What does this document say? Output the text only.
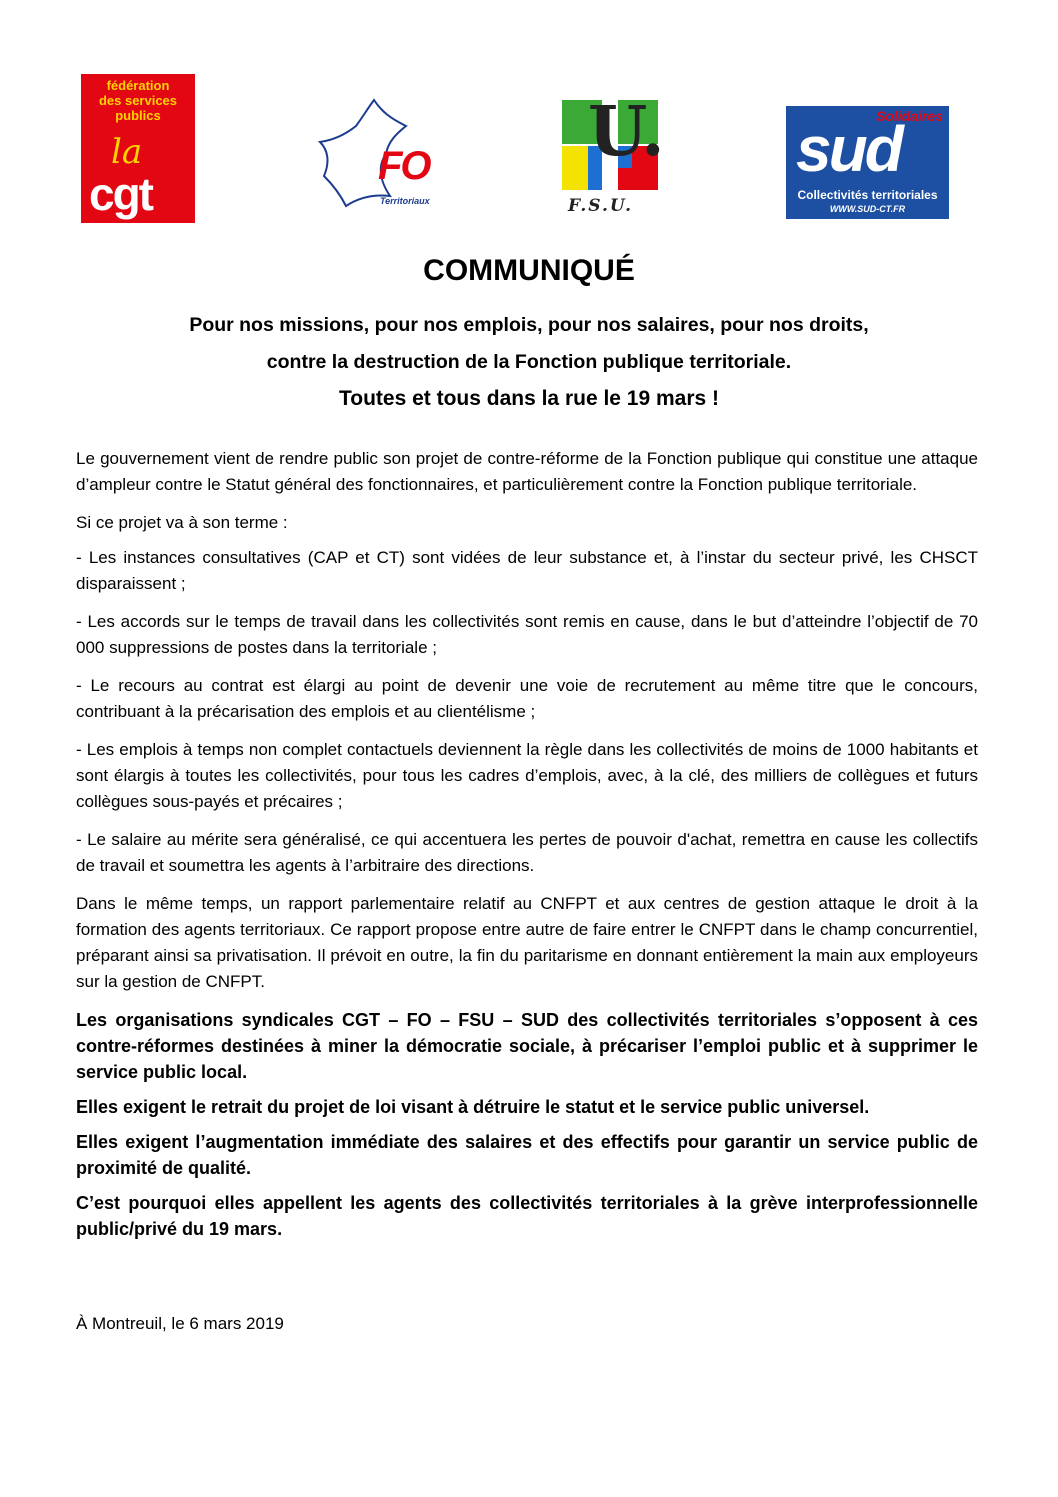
fédération
des services
publics
la
cgt
FO
Territoriaux
U.
F.S.U.
sud
Solidaires
Collectivités territoriales
WWW.SUD-CT.FR
COMMUNIQUÉ
Pour nos missions, pour nos emplois, pour nos salaires, pour nos droits,
contre la destruction de la Fonction publique territoriale.
Toutes et tous dans la rue le 19 mars !

Le gouvernement vient de rendre public son projet de contre-réforme de la Fonction publique qui constitue une attaque d’ampleur contre le Statut général des fonctionnaires, et particulièrement contre la Fonction publique territoriale.

Si ce projet va à son terme :

- Les instances consultatives (CAP et CT) sont vidées de leur substance et, à l’instar du secteur privé, les CHSCT disparaissent ;

- Les accords sur le temps de travail dans les collectivités sont remis en cause, dans le but d’atteindre l’objectif de 70 000 suppressions de postes dans la territoriale ;

- Le recours au contrat est élargi au point de devenir une voie de recrutement au même titre que le concours, contribuant à la précarisation des emplois et au clientélisme ;

- Les emplois à temps non complet contactuels deviennent la règle dans les collectivités de moins de 1000 habitants et sont élargis à toutes les collectivités, pour tous les cadres d’emplois, avec, à la clé, des milliers de collègues et futurs collègues sous-payés et précaires ;

- Le salaire au mérite sera généralisé, ce qui accentuera les pertes de pouvoir d'achat, remettra en cause les collectifs de travail et soumettra les agents à l’arbitraire des directions.

Dans le même temps, un rapport parlementaire relatif au CNFPT et aux centres de gestion attaque le droit à la formation des agents territoriaux. Ce rapport propose entre autre de faire entrer le CNFPT dans le champ concurrentiel, préparant ainsi sa privatisation. Il prévoit en outre, la fin du paritarisme en donnant entièrement la main aux employeurs sur la gestion de CNFPT.

Les organisations syndicales CGT – FO – FSU – SUD des collectivités territoriales s’opposent à ces contre-réformes destinées à miner la démocratie sociale, à précariser l’emploi public et à supprimer le service public local.

Elles exigent le retrait du projet de loi visant à détruire le statut et le service public universel.

Elles exigent l’augmentation immédiate des salaires et des effectifs pour garantir un service public de proximité de qualité.

C’est pourquoi elles appellent les agents des collectivités territoriales à la grève interprofessionnelle public/privé du 19 mars.

À Montreuil, le 6 mars 2019
